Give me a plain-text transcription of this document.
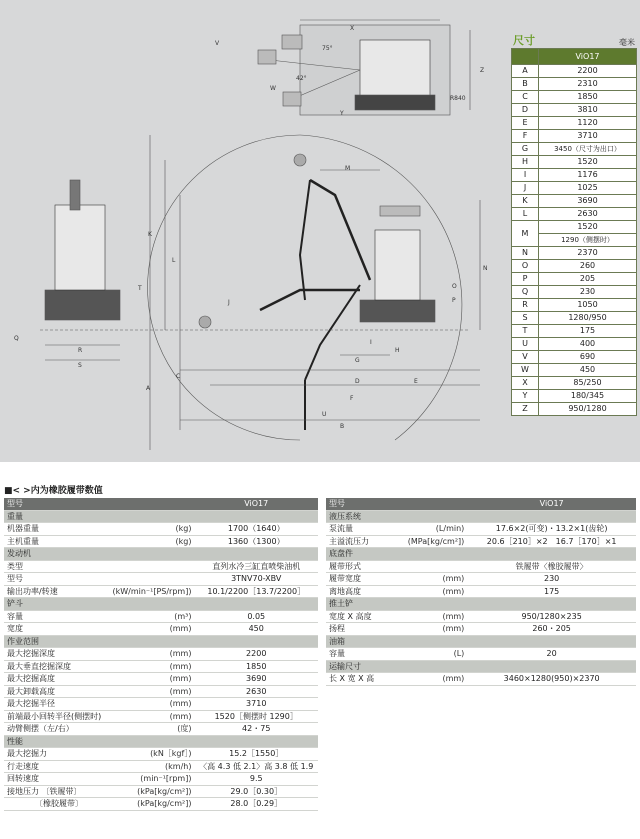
75°
42°
R840
A
B
C
D	E
F
G
H
I
J
K
L
M
N
O
P
Q
R
S
T
U
V
W
X
Y
Z
尺寸	毫米
	ViO17
A	2200
B	2310
C	1850
D	3810
E	1120
F	3710
G	3450（尺寸为出口）
H	1520
I	1176
J	1025
K	3690
L	2630
M	1520
	1290（侧摆时）
N	2370
O	260
P	205
Q	230
R	1050
S	1280/950
T	175
U	400
V	690
W	450
X	85/250
Y	180/345
Z	950/1280
■< >内为橡胶履带数值
型号		ViO17
重量		
机器重量	(kg)	1700（1640）
主机重量	(kg)	1360（1300）
发动机		
类型		直列水冷三缸直喷柴油机
型号		3TNV70-XBV
输出功率/转速	(kW/min⁻¹[PS/rpm])	10.1/2200［13.7/2200］
铲斗		
容量	(m³)	0.05
宽度	(mm)	450
作业范围		
最大挖掘深度	(mm)	2200
最大垂直挖掘深度	(mm)	1850
最大挖掘高度	(mm)	3690
最大卸载高度	(mm)	2630
最大挖掘半径	(mm)	3710
前端最小回转半径(侧摆时)	(mm)	1520［侧摆时 1290］
动臂侧摆（左/右）	(度)	42・75
性能		
最大挖掘力	(kN［kgf］)	15.2［1550］
行走速度	(km/h)	〈高 4.3 低 2.1〉高 3.8 低 1.9
回转速度	(min⁻¹[rpm])	9.5
接地压力 〔铁履带〕	(kPa[kg/cm²])	29.0［0.30］
　　　　〔橡胶履带〕	(kPa[kg/cm²])	28.0［0.29］
型号		ViO17
液压系统		
泵流量	(L/min)	17.6×2(可变)・13.2×1(齿轮)
主溢流压力	(MPa[kg/cm²])	20.6［210］×2　16.7［170］×1
底盘件		
履带形式		铁履带〈橡胶履带〉
履带宽度	(mm)	230
离地高度	(mm)	175
推土铲		
宽度 X 高度	(mm)	950/1280×235
扬程	(mm)	260・205
油箱		
容量	(L)	20
运输尺寸		
长 X 宽 X 高	(mm)	3460×1280(950)×2370
